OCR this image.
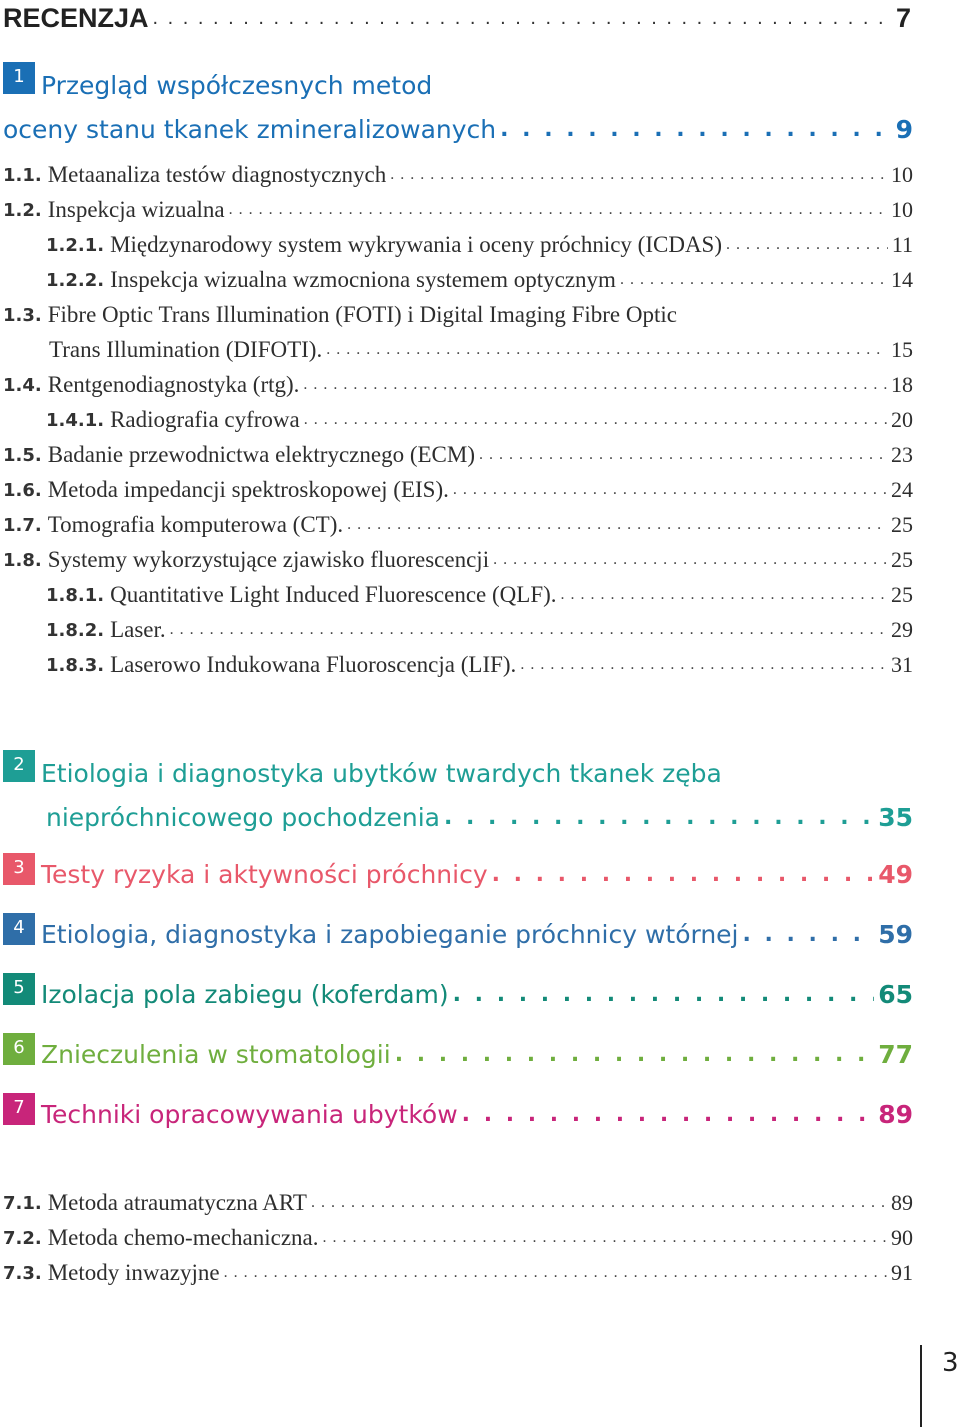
RECENZJA . . .	7
1 Przegląd współczesnych metod
oceny stanu tkanek zmineralizowanych . . .	9
1.1. Metaanaliza testów diagnostycznych . . .	10
1.2. Inspekcja wizualna . . .	10
1.2.1. Międzynarodowy system wykrywania i oceny próchnicy (ICDAS) . . .	11
1.2.2. Inspekcja wizualna wzmocniona systemem optycznym . . .	14
1.3. Fibre Optic Trans Illumination (FOTI) i Digital Imaging Fibre Optic
Trans Illumination (DIFOTI). . . .	15
1.4. Rentgenodiagnostyka (rtg). . . .	18
1.4.1. Radiografia cyfrowa . . .	20
1.5. Badanie przewodnictwa elektrycznego (ECM) . . .	23
1.6. Metoda impedancji spektroskopowej (EIS). . . .	24
1.7. Tomografia komputerowa (CT). . . .	25
1.8. Systemy wykorzystujące zjawisko fluorescencji . . .	25
1.8.1. Quantitative Light Induced Fluorescence (QLF). . . .	25
1.8.2. Laser. . . .	29
1.8.3. Laserowo Indukowana Fluoroscencja (LIF). . . .	31
2 Etiologia i diagnostyka ubytków twardych tkanek zęba
niepróchnicowego pochodzenia . . .	35
3 Testy ryzyka i aktywności próchnicy . . .	49
4 Etiologia, diagnostyka i zapobieganie próchnicy wtórnej . . .	59
5 Izolacja pola zabiegu (koferdam) . . .	65
6 Znieczulenia w stomatologii . . .	77
7 Techniki opracowywania ubytków . . .	89
7.1. Metoda atraumatyczna ART . . .	89
7.2. Metoda chemo-mechaniczna. . . .	90
7.3. Metody inwazyjne . . .	91
3
